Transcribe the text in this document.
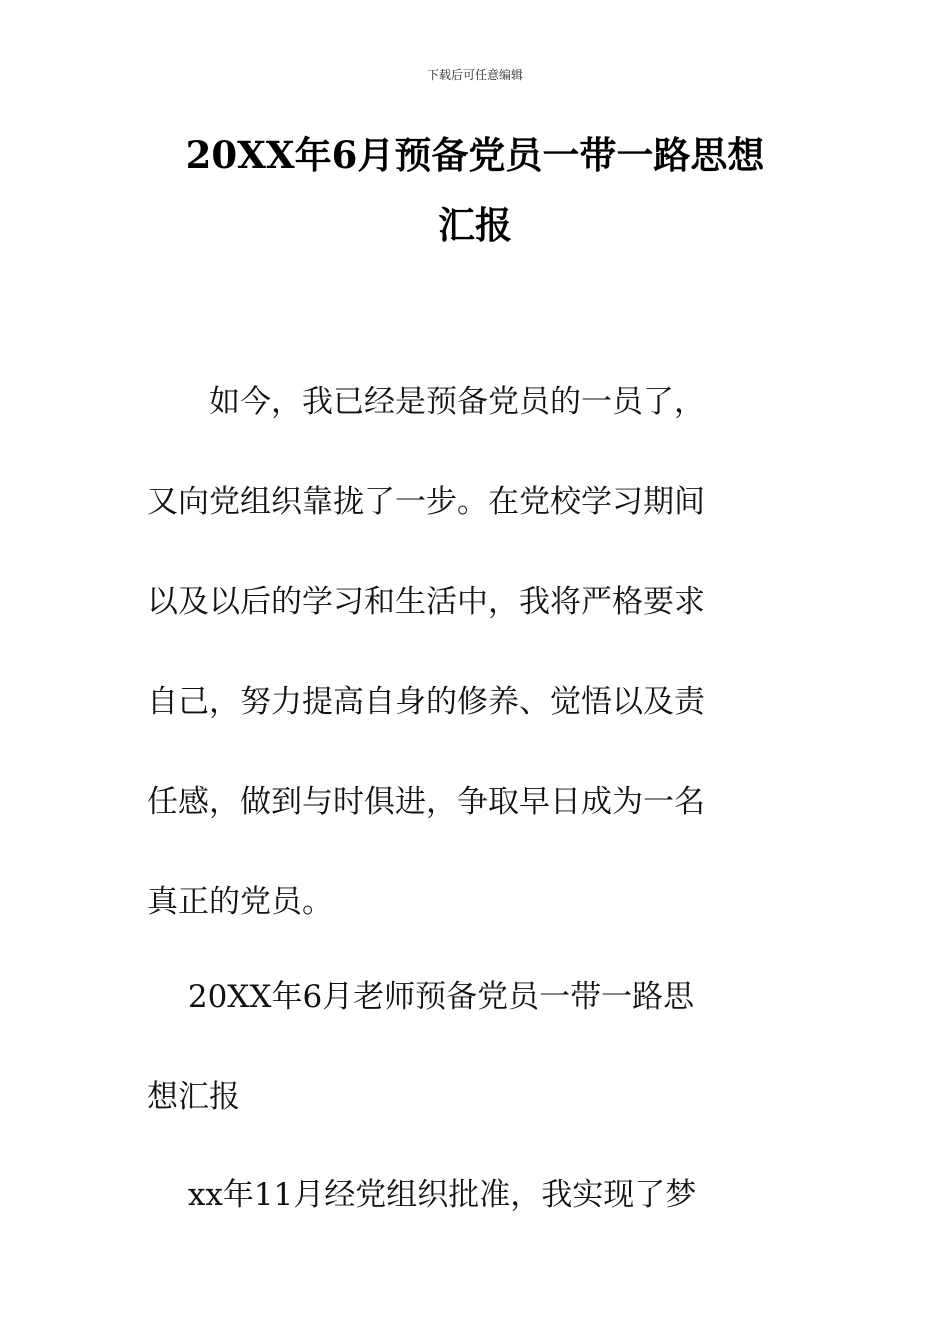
下载后可任意编辑
20XX年6月预备党员一带一路思想
汇报
　　如今，我已经是预备党员的一员了，
又向党组织靠拢了一步。在党校学习期间
以及以后的学习和生活中，我将严格要求
自己，努力提高自身的修养、觉悟以及责
任感，做到与时俱进，争取早日成为一名
真正的党员。
　 20XX年6月老师预备党员一带一路思
想汇报
　 xx年11月经党组织批准，我实现了梦
